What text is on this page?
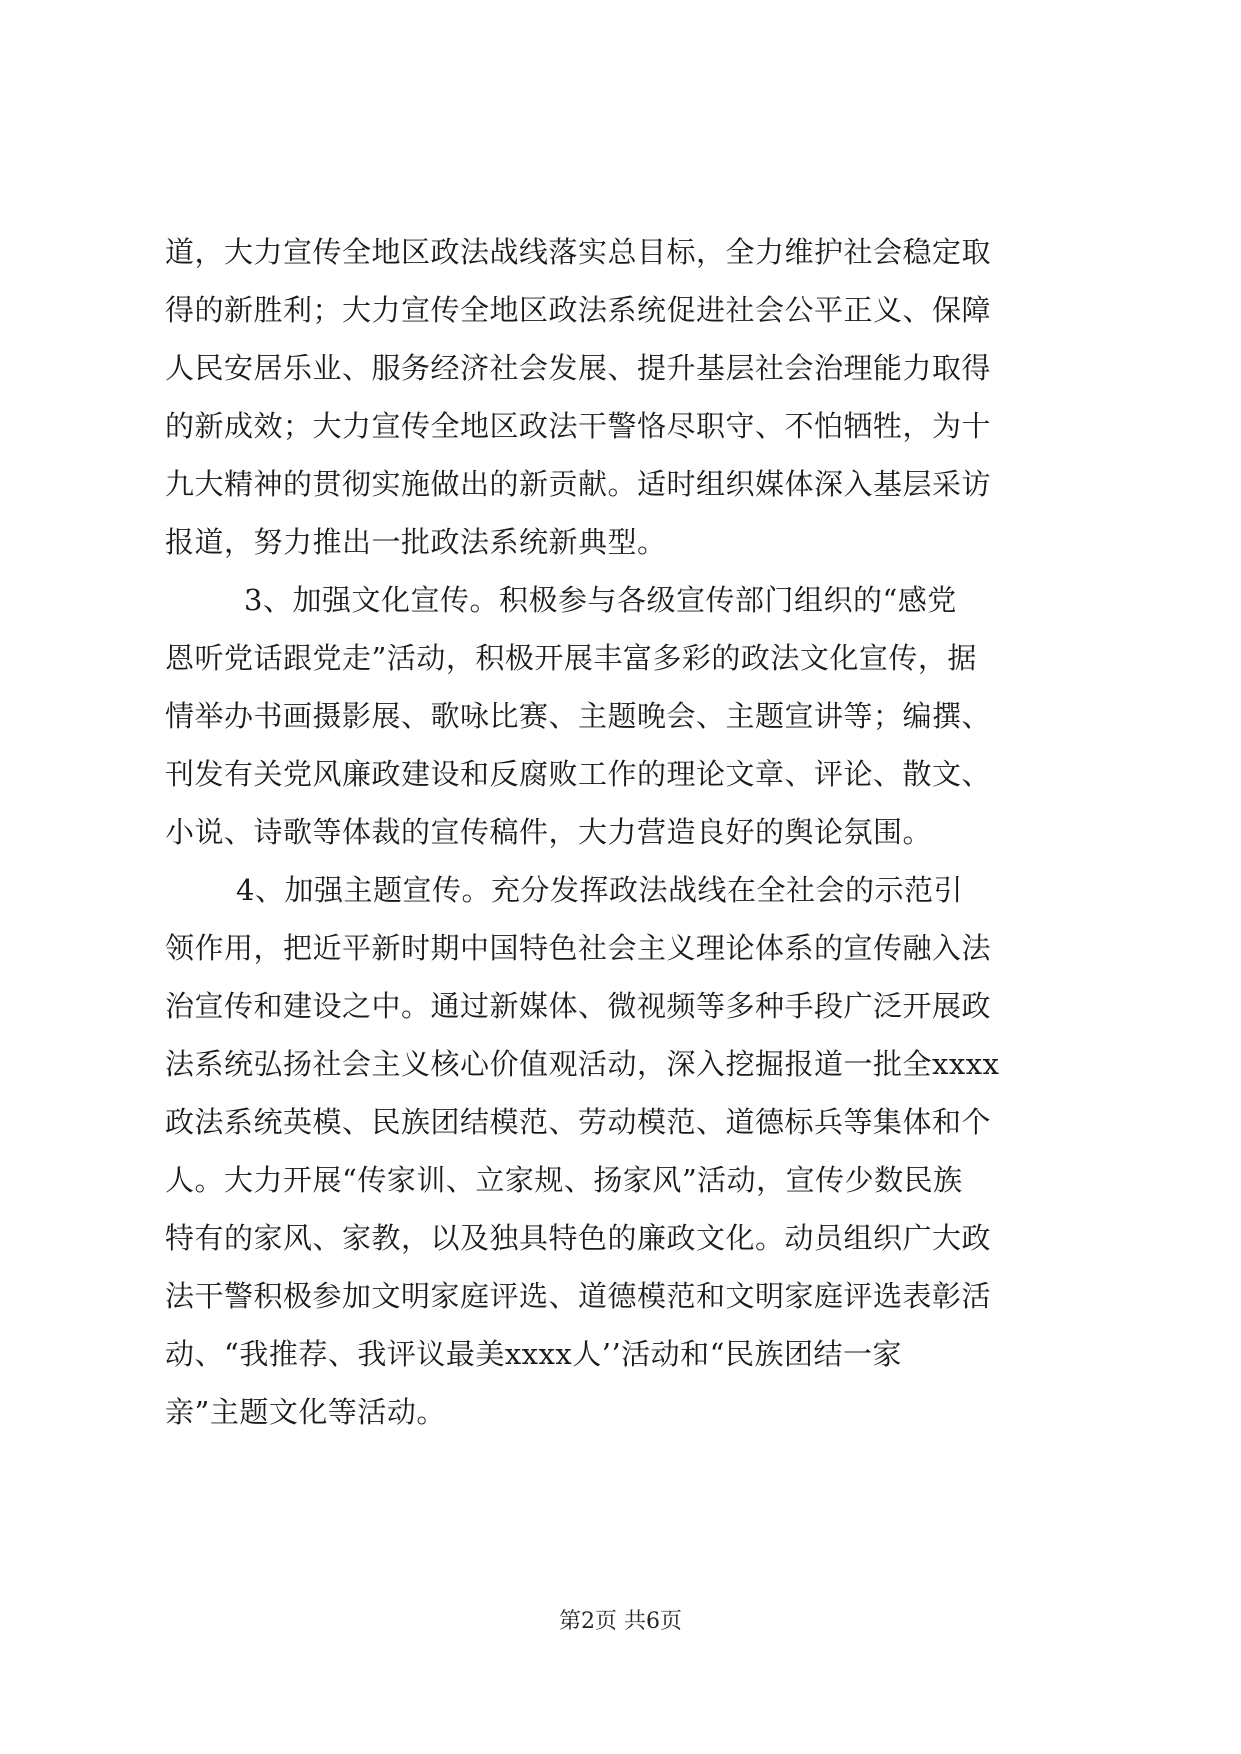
道，大力宣传全地区政法战线落实总目标，全力维护社会稳定取
得的新胜利；大力宣传全地区政法系统促进社会公平正义、保障
人民安居乐业、服务经济社会发展、提升基层社会治理能力取得
的新成效；大力宣传全地区政法干警恪尽职守、不怕牺牲，为十
九大精神的贯彻实施做出的新贡献。适时组织媒体深入基层采访
报道，努力推出一批政法系统新典型。
3、加强文化宣传。积极参与各级宣传部门组织的“感党
恩听党话跟党走”活动，积极开展丰富多彩的政法文化宣传，据
情举办书画摄影展、歌咏比赛、主题晚会、主题宣讲等；编撰、
刊发有关党风廉政建设和反腐败工作的理论文章、评论、散文、
小说、诗歌等体裁的宣传稿件，大力营造良好的舆论氛围。
4、加强主题宣传。充分发挥政法战线在全社会的示范引
领作用，把近平新时期中国特色社会主义理论体系的宣传融入法
治宣传和建设之中。通过新媒体、微视频等多种手段广泛开展政
法系统弘扬社会主义核心价值观活动，深入挖掘报道一批全xxxx
政法系统英模、民族团结模范、劳动模范、道德标兵等集体和个
人。大力开展“传家训、立家规、扬家风”活动，宣传少数民族
特有的家风、家教，以及独具特色的廉政文化。动员组织广大政
法干警积极参加文明家庭评选、道德模范和文明家庭评选表彰活
动、“我推荐、我评议最美xxxx人’’活动和“民族团结一家
亲”主题文化等活动。
第2页 共6页
